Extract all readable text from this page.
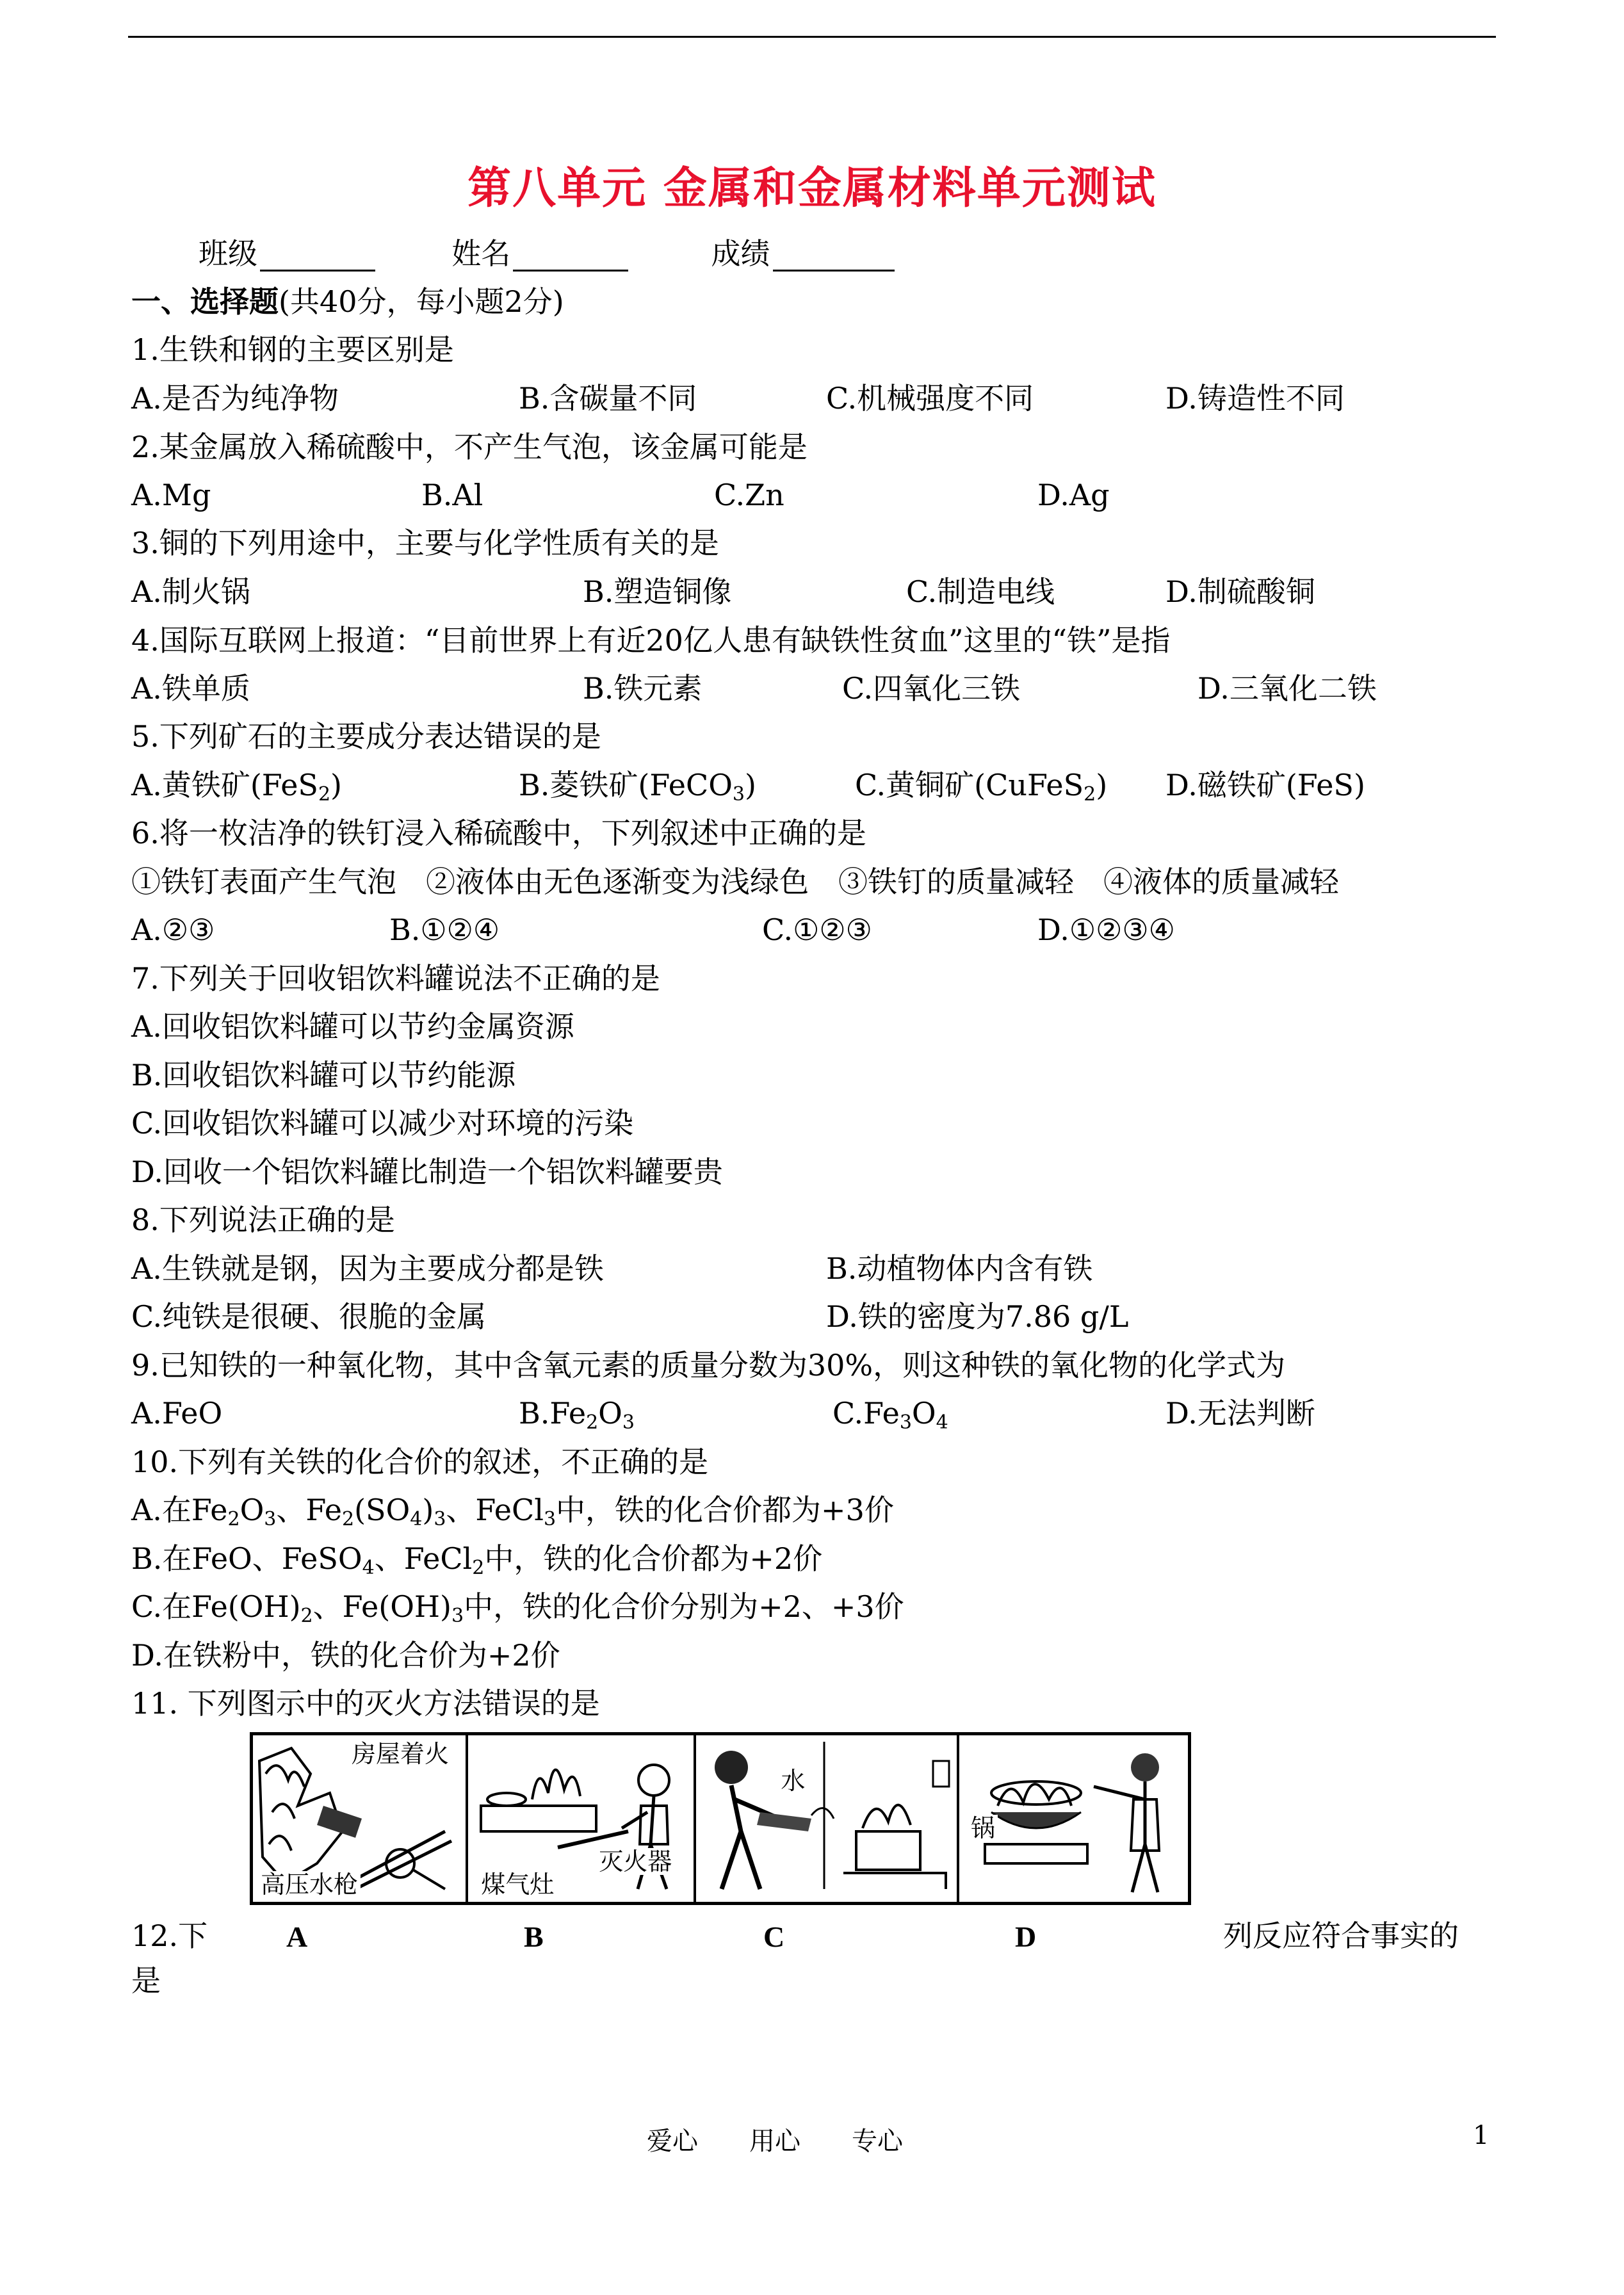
第八单元 金属和金属材料单元测试
班级	姓名	成绩
一、选择题(共40分，每小题2分)
1.生铁和钢的主要区别是
A.是否为纯净物	B.含碳量不同	C.机械强度不同	D.铸造性不同
2.某金属放入稀硫酸中，不产生气泡，该金属可能是
A.Mg	B.Al	C.Zn	D.Ag
3.铜的下列用途中，主要与化学性质有关的是
A.制火锅	B.塑造铜像	C.制造电线	D.制硫酸铜
4.国际互联网上报道：“目前世界上有近20亿人患有缺铁性贫血”这里的“铁”是指
A.铁单质	B.铁元素	C.四氧化三铁	D.三氧化二铁
5.下列矿石的主要成分表达错误的是
A.黄铁矿(FeS$_2$)	B.菱铁矿(FeCO$_3$)	C.黄铜矿(CuFeS$_2$) D.磁铁矿(FeS)
6.将一枚洁净的铁钉浸入稀硫酸中，下列叙述中正确的是
①铁钉表面产生气泡　②液体由无色逐渐变为浅绿色　③铁钉的质量减轻　④液体的质量减轻
A.②③	B.①②④	C.①②③	D.①②③④
7.下列关于回收铝饮料罐说法不正确的是
A.回收铝饮料罐可以节约金属资源
B.回收铝饮料罐可以节约能源
C.回收铝饮料罐可以减少对环境的污染
D.回收一个铝饮料罐比制造一个铝饮料罐要贵
8.下列说法正确的是
A.生铁就是钢，因为主要成分都是铁	B.动植物体内含有铁
C.纯铁是很硬、很脆的金属	D.铁的密度为7.86 g/L
9.已知铁的一种氧化物，其中含氧元素的质量分数为30%，则这种铁的氧化物的化学式为
A.FeO	$B.Fe_2O_3$	$C.Fe_3O_4$	D.无法判断
10.下列有关铁的化合价的叙述，不正确的是
A.在$Fe_2O_3$、$Fe_2(SO_4)_3$、FeCl$_3$中，铁的化合价都为+3价
B.在FeO、FeSO$_4$、FeCl$_2$中，铁的化合价都为+2价
C.在$Fe(OH)_2$、$Fe(OH)_3$中，铁的化合价分别为+2、+3价
D.在铁粉中，铁的化合价为+2价
11. 下列图示中的灭火方法错误的是
房屋着火
高压水枪	煤气灶
灭火器
水
锅
12.下	A	B	C	D	列反应符合事实的
是
爱心　　用心　　专心	1
